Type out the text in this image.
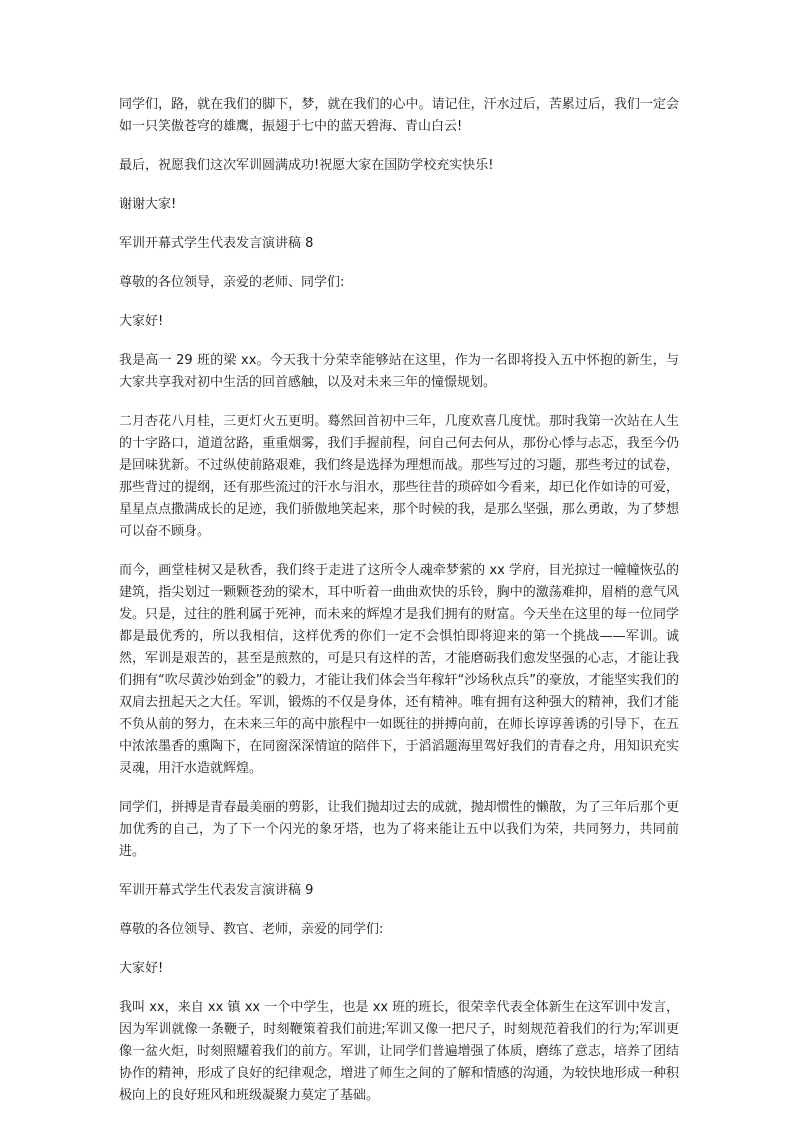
同学们，路，就在我们的脚下，梦，就在我们的心中。请记住，汗水过后，苦累过后，我们一定会如一只笑傲苍穹的雄鹰，振翅于七中的蓝天碧海、青山白云!

最后，祝愿我们这次军训圆满成功!祝愿大家在国防学校充实快乐!

谢谢大家!

军训开幕式学生代表发言演讲稿 8

尊敬的各位领导，亲爱的老师、同学们:

大家好!

我是高一 29 班的梁 xx。今天我十分荣幸能够站在这里，作为一名即将投入五中怀抱的新生，与大家共享我对初中生活的回首感触，以及对未来三年的憧憬规划。

二月杏花八月桂，三更灯火五更明。蓦然回首初中三年，几度欢喜几度忧。那时我第一次站在人生的十字路口，道道岔路，重重烟雾，我们手握前程，问自己何去何从，那份心悸与忐忑，我至今仍是回味犹新。不过纵使前路艰难，我们终是选择为理想而战。那些写过的习题，那些考过的试卷，那些背过的提纲，还有那些流过的汗水与泪水，那些往昔的琐碎如今看来，却已化作如诗的可爱，星星点点撒满成长的足迹，我们骄傲地笑起来，那个时候的我，是那么坚强，那么勇敢，为了梦想可以奋不顾身。

而今，画堂桂树又是秋香，我们终于走进了这所令人魂牵梦萦的 xx 学府，目光掠过一幢幢恢弘的建筑，指尖划过一颗颗苍劲的梁木，耳中听着一曲曲欢快的乐铃，胸中的激荡难抑，眉梢的意气风发。只是，过往的胜利属于死神，而未来的辉煌才是我们拥有的财富。今天坐在这里的每一位同学都是最优秀的，所以我相信，这样优秀的你们一定不会惧怕即将迎来的第一个挑战——军训。诚然，军训是艰苦的，甚至是煎熬的，可是只有这样的苦，才能磨砺我们愈发坚强的心志，才能让我们拥有“吹尽黄沙始到金”的毅力，才能让我们体会当年稼轩“沙场秋点兵”的豪放，才能坚实我们的双肩去扭起天之大任。军训，锻炼的不仅是身体，还有精神。唯有拥有这种强大的精神，我们才能不负从前的努力，在未来三年的高中旅程中一如既往的拼搏向前，在师长谆谆善诱的引导下，在五中浓浓墨香的熏陶下，在同窗深深情谊的陪伴下，于滔滔题海里驾好我们的青春之舟，用知识充实灵魂，用汗水造就辉煌。

同学们，拼搏是青春最美丽的剪影，让我们抛却过去的成就，抛却惯性的懒散，为了三年后那个更加优秀的自己，为了下一个闪光的象牙塔，也为了将来能让五中以我们为荣，共同努力，共同前进。

军训开幕式学生代表发言演讲稿 9

尊敬的各位领导、教官、老师，亲爱的同学们:

大家好!

我叫 xx，来自 xx 镇 xx 一个中学生，也是 xx 班的班长，很荣幸代表全体新生在这军训中发言，因为军训就像一条鞭子，时刻鞭策着我们前进;军训又像一把尺子，时刻规范着我们的行为;军训更像一盆火炬，时刻照耀着我们的前方。军训，让同学们普遍增强了体质，磨练了意志，培养了团结协作的精神，形成了良好的纪律观念，增进了师生之间的了解和情感的沟通，为较快地形成一种积极向上的良好班风和班级凝聚力莫定了基础。
